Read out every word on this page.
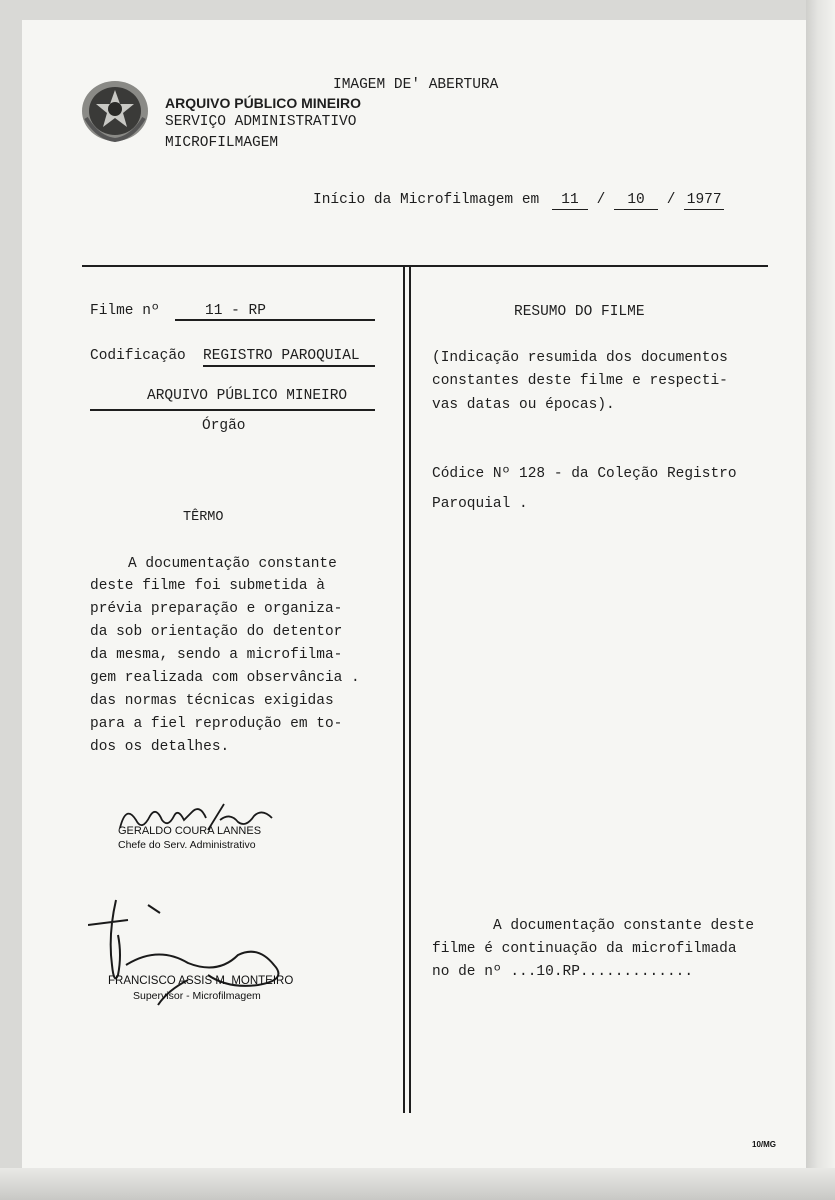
IMAGEM DE' ABERTURA
ARQUIVO PÚBLICO MINEIRO
SERVIÇO ADMINISTRATIVO
MICROFILMAGEM
Início da Microfilmagem em 11 / 10 / 1977
Filme nº	11 - RP
Codificação REGISTRO PAROQUIAL
ARQUIVO PÚBLICO MINEIRO
Órgão
TÊRMO
A documentação constante
deste filme foi submetida à
prévia preparação e organiza-
da sob orientação do detentor
da mesma, sendo a microfilma-
gem realizada com observância .
das normas técnicas exigidas
para a fiel reprodução em to-
dos os detalhes.
GERALDO COURA LANNES
Chefe do Serv. Administrativo
FRANCISCO ASSIS M. MONTEIRO
Supervisor - Microfilmagem
RESUMO DO FILME
(Indicação resumida dos documentos
constantes deste filme e respecti-
vas datas ou épocas).
Códice Nº 128 - da Coleção Registro
Paroquial .
A documentação constante deste
filme é continuação da microfilmada
no de nº ...10.RP.............
10/MG
